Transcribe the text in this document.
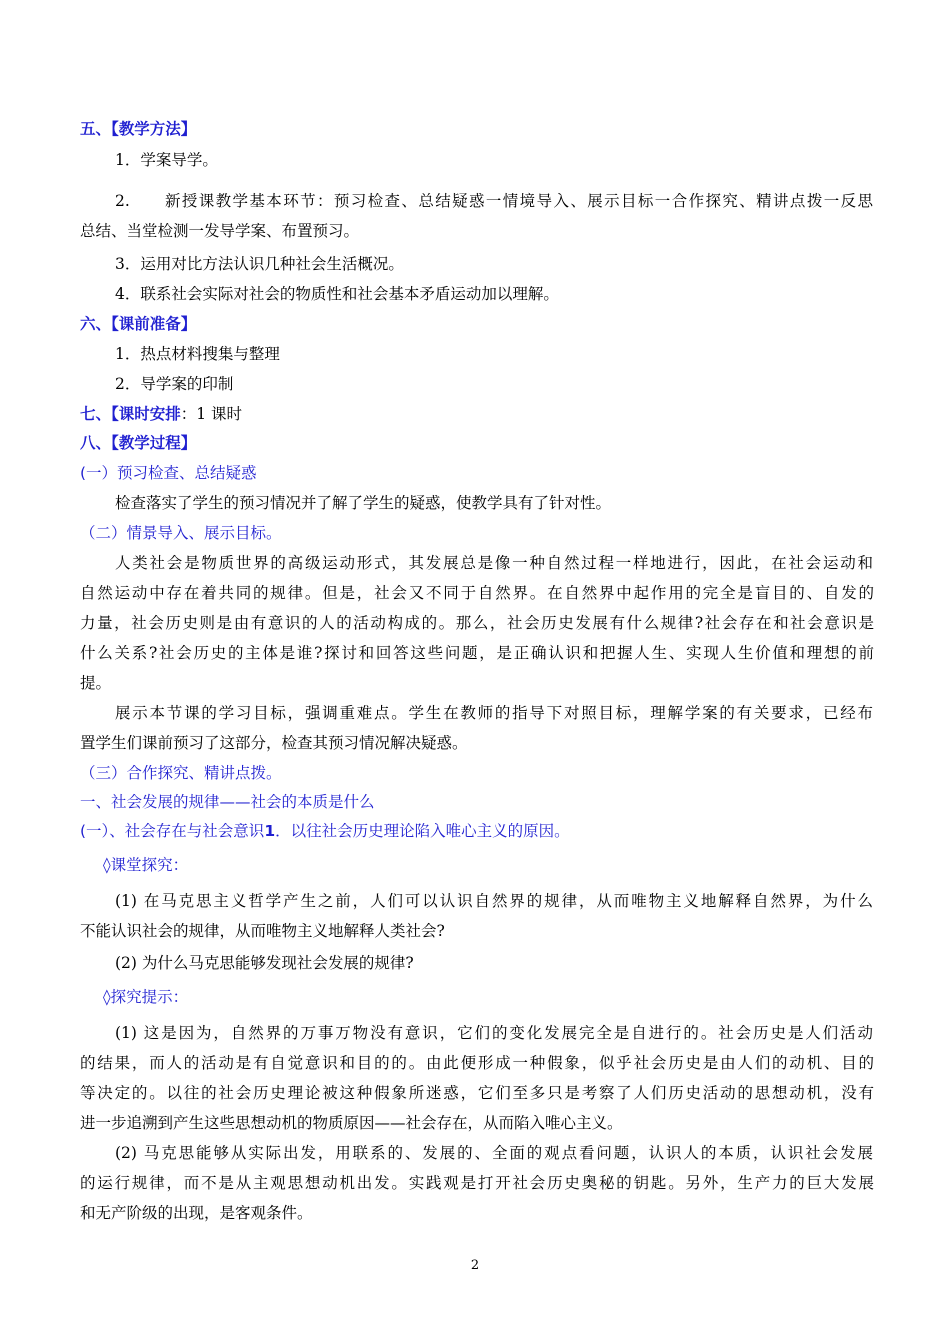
五、【教学方法】
1．学案导学。
2.　　新授课教学基本环节：预习检查、总结疑惑一情境导入、展示目标一合作探究、精讲点拨一反思
总结、当堂检测一发导学案、布置预习。
3．运用对比方法认识几种社会生活概况。
4．联系社会实际对社会的物质性和社会基本矛盾运动加以理解。
六、【课前准备】
1．热点材料搜集与整理
2．导学案的印制
七、【课时安排：1 课时
八、【教学过程】
(一）预习检查、总结疑惑
检查落实了学生的预习情况并了解了学生的疑惑，使教学具有了针对性。
（二）情景导入、展示目标。
人类社会是物质世界的高级运动形式，其发展总是像一种自然过程一样地进行，因此，在社会运动和
自然运动中存在着共同的规律。但是，社会又不同于自然界。在自然界中起作用的完全是盲目的、自发的
力量，社会历史则是由有意识的人的活动构成的。那么，社会历史发展有什么规律?社会存在和社会意识是
什么关系?社会历史的主体是谁?探讨和回答这些问题，是正确认识和把握人生、实现人生价值和理想的前
提。
展示本节课的学习目标，强调重难点。学生在教师的指导下对照目标，理解学案的有关要求，已经布
置学生们课前预习了这部分，检查其预习情况解决疑惑。
（三）合作探究、精讲点拨。
一、社会发展的规律——社会的本质是什么
(一）、社会存在与社会意识1．以往社会历史理论陷入唯心主义的原因。
◊课堂探究：
(1) 在马克思主义哲学产生之前，人们可以认识自然界的规律，从而唯物主义地解释自然界，为什么
不能认识社会的规律，从而唯物主义地解释人类社会?
(2) 为什么马克思能够发现社会发展的规律?
◊探究提示：
(1) 这是因为，自然界的万事万物没有意识，它们的变化发展完全是自进行的。社会历史是人们活动
的结果，而人的活动是有自觉意识和目的的。由此便形成一种假象，似乎社会历史是由人们的动机、目的
等决定的。以往的社会历史理论被这种假象所迷惑，它们至多只是考察了人们历史活动的思想动机，没有
进一步追溯到产生这些思想动机的物质原因——社会存在，从而陷入唯心主义。
(2) 马克思能够从实际出发，用联系的、发展的、全面的观点看问题，认识人的本质，认识社会发展
的运行规律，而不是从主观思想动机出发。实践观是打开社会历史奥秘的钥匙。另外，生产力的巨大发展
和无产阶级的出现，是客观条件。
2
